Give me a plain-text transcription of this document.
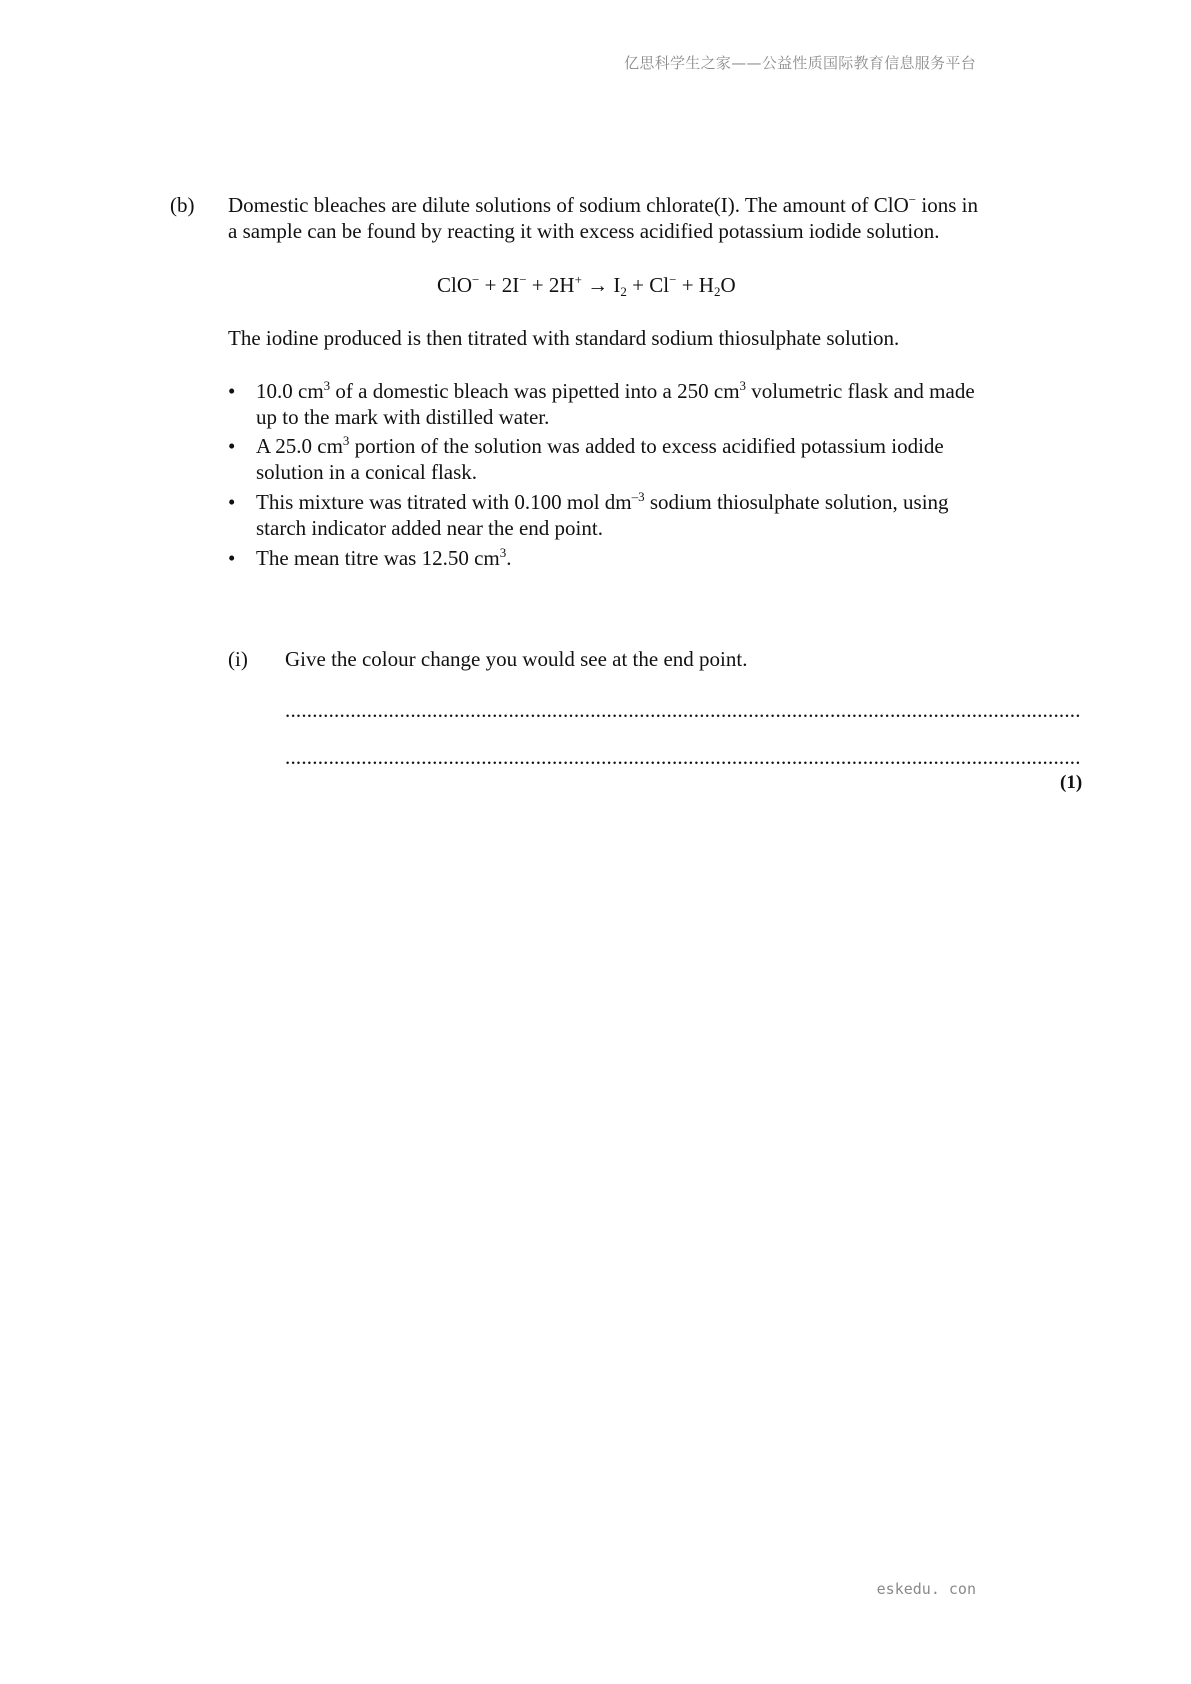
亿思科学生之家——公益性质国际教育信息服务平台
(b) Domestic bleaches are dilute solutions of sodium chlorate(I). The amount of ClO− ions in
a sample can be found by reacting it with excess acidified potassium iodide solution.
$ClO^- + 2I^- + 2H^+ \to I_2 + Cl^- + H_2O$
The iodine produced is then titrated with standard sodium thiosulphate solution.
• 10.0 $cm^3$ of a domestic bleach was pipetted into a 250 $cm^3$ volumetric flask and made
up to the mark with distilled water.
• A 25.0 $cm^3$ portion of the solution was added to excess acidified potassium iodide
solution in a conical flask.
• This mixture was titrated with 0.100 mol $dm^{-3}$ sodium thiosulphate solution, using
starch indicator added near the end point.
• The mean titre was 12.50 $cm^3$.
(i) Give the colour change you would see at the end point.
..................................................................................................................................................
..................................................................................................................................................
(1)
eskedu. con
